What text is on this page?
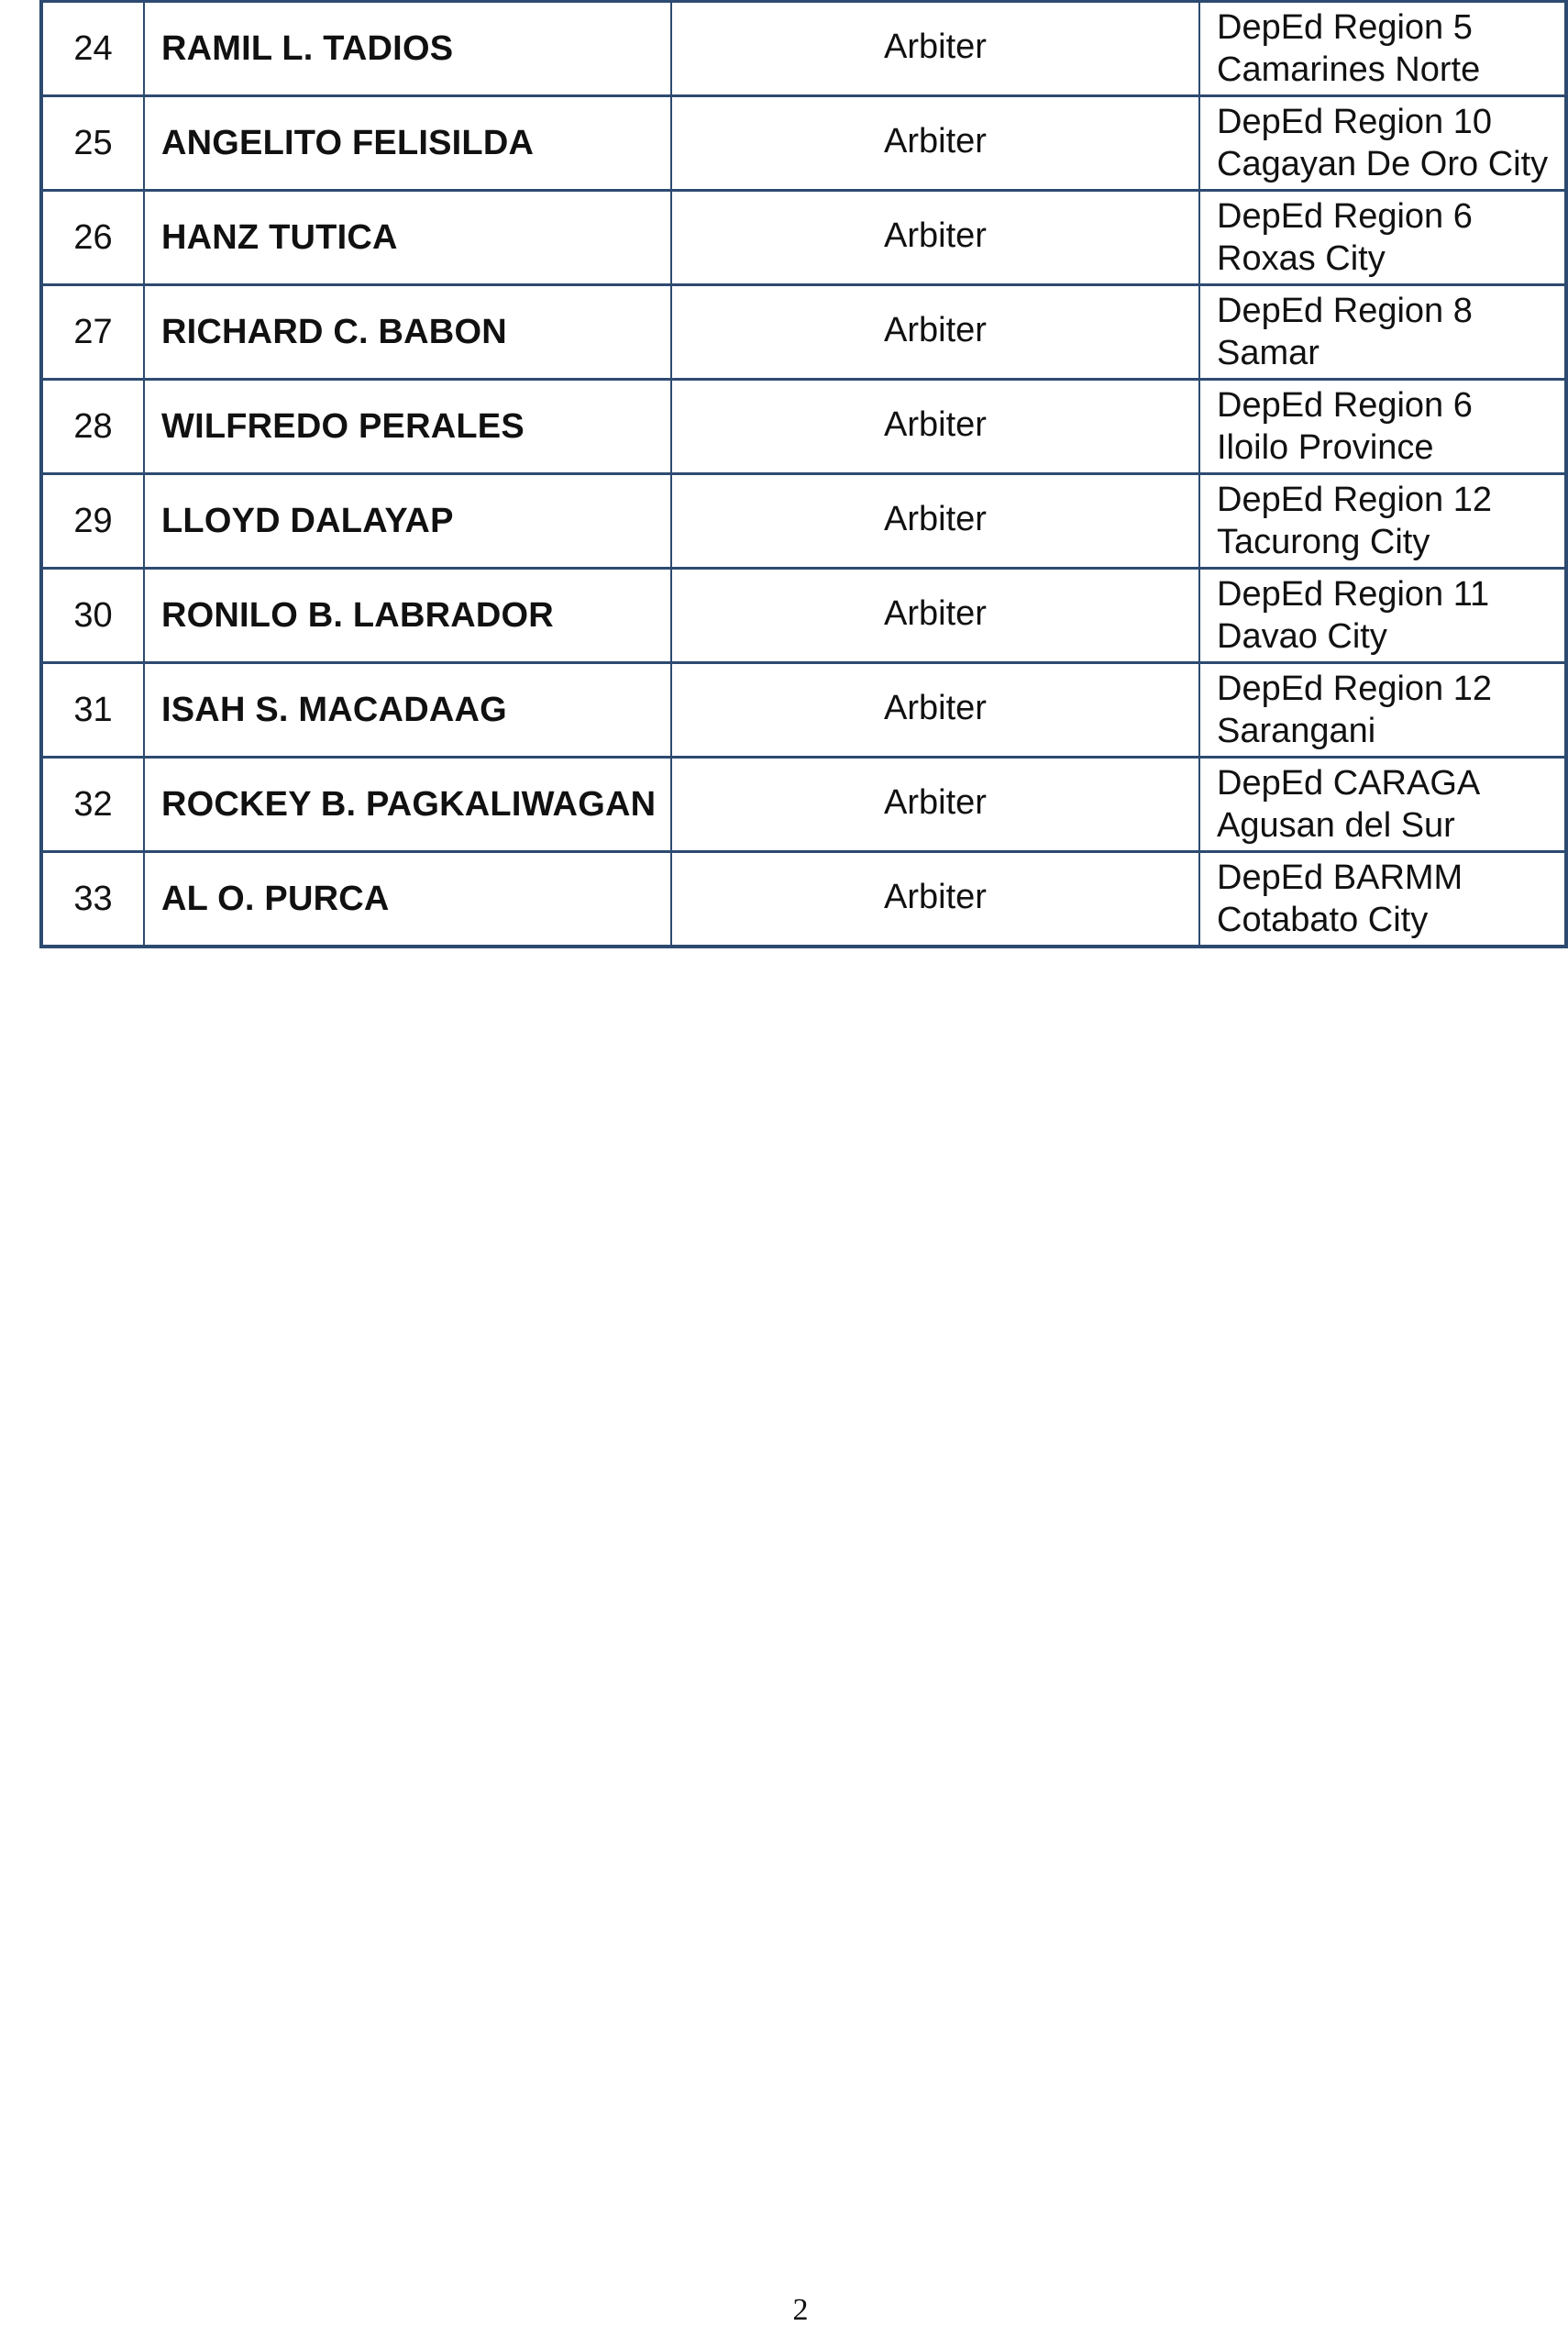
24	RAMIL L. TADIOS	Arbiter	DepEd Region 5
Camarines Norte

25	ANGELITO FELISILDA	Arbiter	DepEd Region 10
Cagayan De Oro City

26	HANZ TUTICA	Arbiter	DepEd Region 6
Roxas City

27	RICHARD C. BABON	Arbiter	DepEd Region 8
Samar

28	WILFREDO PERALES	Arbiter	DepEd Region 6
Iloilo Province

29	LLOYD DALAYAP	Arbiter	DepEd Region 12
Tacurong City

30	RONILO B. LABRADOR	Arbiter	DepEd Region 11
Davao City

31	ISAH S. MACADAAG	Arbiter	DepEd Region 12
Sarangani

32	ROCKEY B. PAGKALIWAGAN	Arbiter	DepEd CARAGA
Agusan del Sur

33	AL O. PURCA	Arbiter	DepEd BARMM
Cotabato City
2
